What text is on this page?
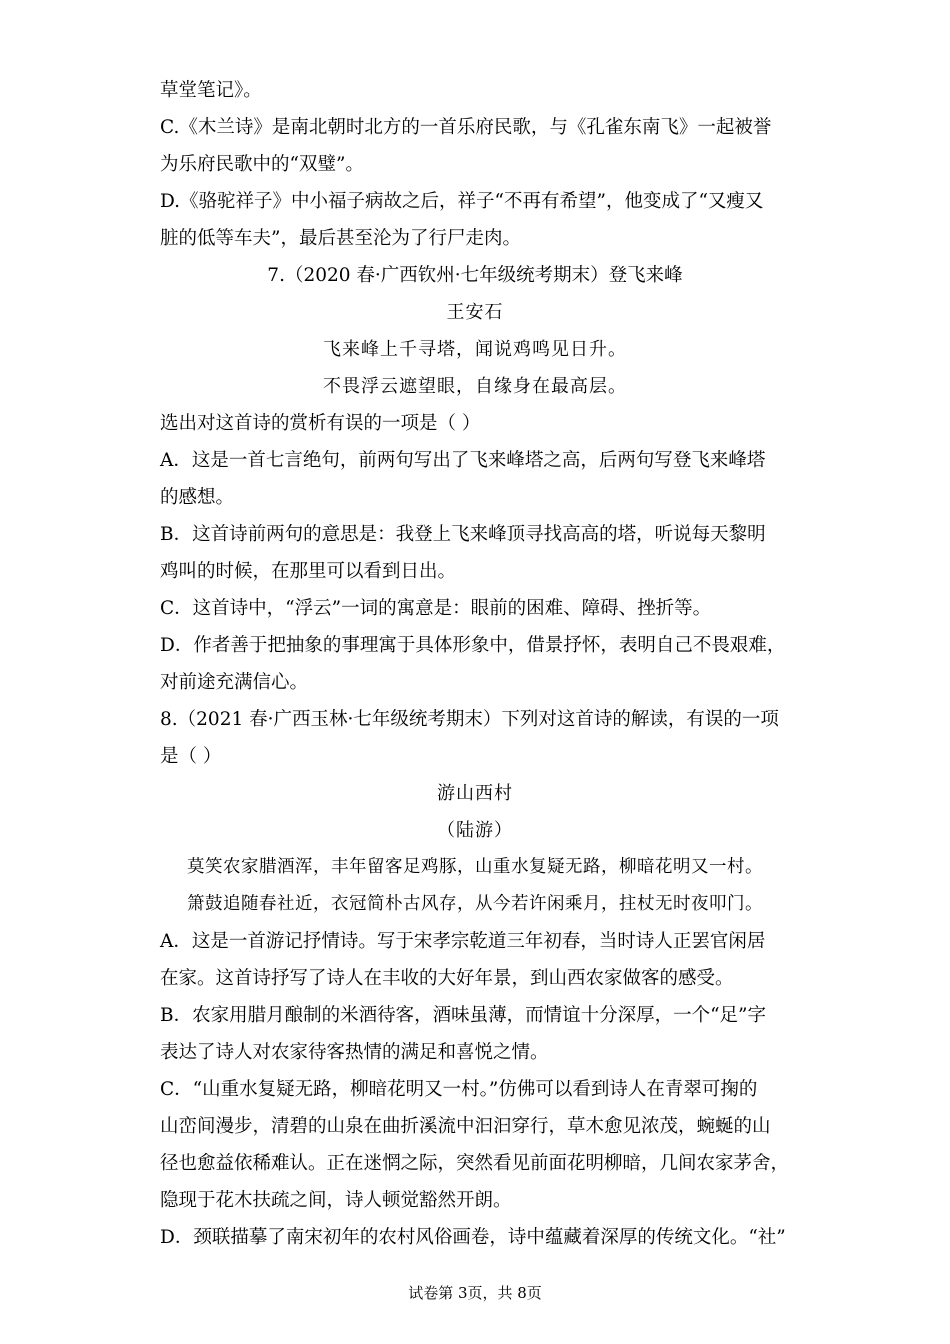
草堂笔记》。

C.《木兰诗》是南北朝时北方的一首乐府民歌，与《孔雀东南飞》一起被誉

为乐府民歌中的“双璧”。

D.《骆驼祥子》中小福子病故之后，祥子“不再有希望”，他变成了“又瘦又

脏的低等车夫”，最后甚至沦为了行尸走肉。

7.（2020 春·广西钦州·七年级统考期末）登飞来峰

王安石

飞来峰上千寻塔，闻说鸡鸣见日升。

不畏浮云遮望眼，自缘身在最高层。

选出对这首诗的赏析有误的一项是（ ）

A．这是一首七言绝句，前两句写出了飞来峰塔之高，后两句写登飞来峰塔

的感想。

B．这首诗前两句的意思是：我登上飞来峰顶寻找高高的塔，听说每天黎明

鸡叫的时候，在那里可以看到日出。

C．这首诗中，“浮云”一词的寓意是：眼前的困难、障碍、挫折等。

D．作者善于把抽象的事理寓于具体形象中，借景抒怀，表明自己不畏艰难，

对前途充满信心。

8.（2021 春·广西玉林·七年级统考期末）下列对这首诗的解读，有误的一项

是（ ）

游山西村

（陆游）

莫笑农家腊酒浑，丰年留客足鸡豚，山重水复疑无路，柳暗花明又一村。

箫鼓追随春社近，衣冠简朴古风存，从今若许闲乘月，拄杖无时夜叩门。

A．这是一首游记抒情诗。写于宋孝宗乾道三年初春，当时诗人正罢官闲居

在家。这首诗抒写了诗人在丰收的大好年景，到山西农家做客的感受。

B．农家用腊月酿制的米酒待客，酒味虽薄，而情谊十分深厚，一个“足”字

表达了诗人对农家待客热情的满足和喜悦之情。

C．“山重水复疑无路，柳暗花明又一村。”仿佛可以看到诗人在青翠可掬的

山峦间漫步，清碧的山泉在曲折溪流中汩汩穿行，草木愈见浓茂，蜿蜒的山

径也愈益依稀难认。正在迷惘之际，突然看见前面花明柳暗，几间农家茅舍，

隐现于花木扶疏之间，诗人顿觉豁然开朗。

D．颈联描摹了南宋初年的农村风俗画卷，诗中蕴藏着深厚的传统文化。“社”

试卷第 3页，共 8页
